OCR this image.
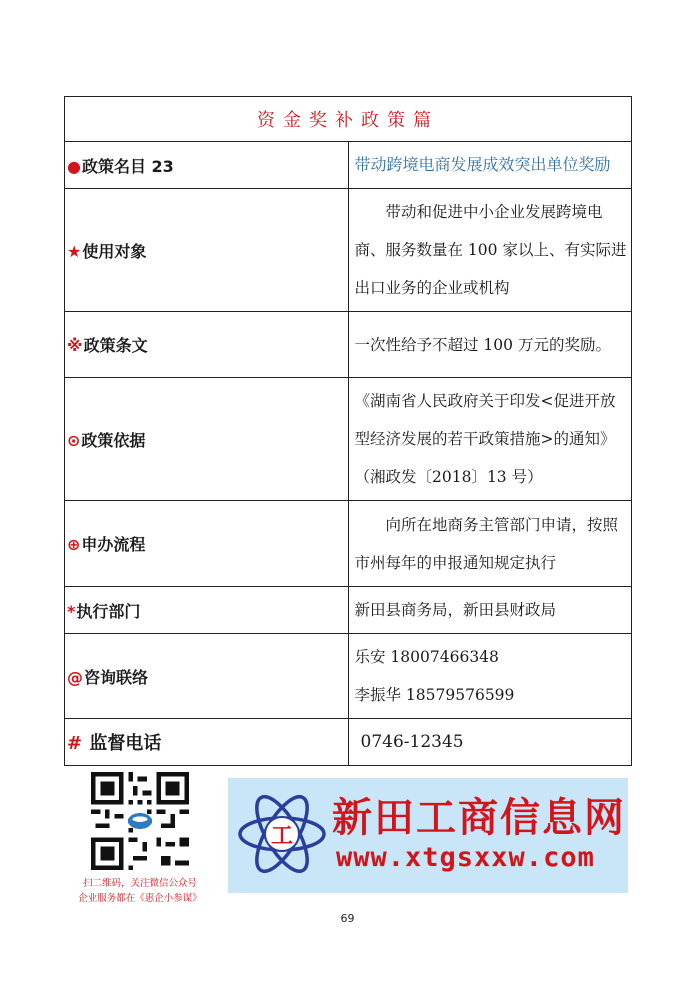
资金奖补政策篇	
●政策名目 23	带动跨境电商发展成效突出单位奖励
★使用对象	带动和促进中小企业发展跨境电商、服务数量在 100 家以上、有实际进出口业务的企业或机构

※政策条文	一次性给予不超过 100 万元的奖励。
⊙政策依据	《湖南省人民政府关于印发<促进开放型经济发展的若干政策措施>的通知》（湘政发〔2018〕13 号）
⊕申办流程	向所在地商务主管部门申请，按照市州每年的申报通知规定执行

*执行部门	新田县商务局，新田县财政局
@咨询联络	乐安 18007466348
李振华 18579576599

# 监督电话	0746-12345
扫二维码，关注微信公众号
企业服务都在《惠企小参谋》
工 新田工商信息网
www.xtgsxxw.com
69
